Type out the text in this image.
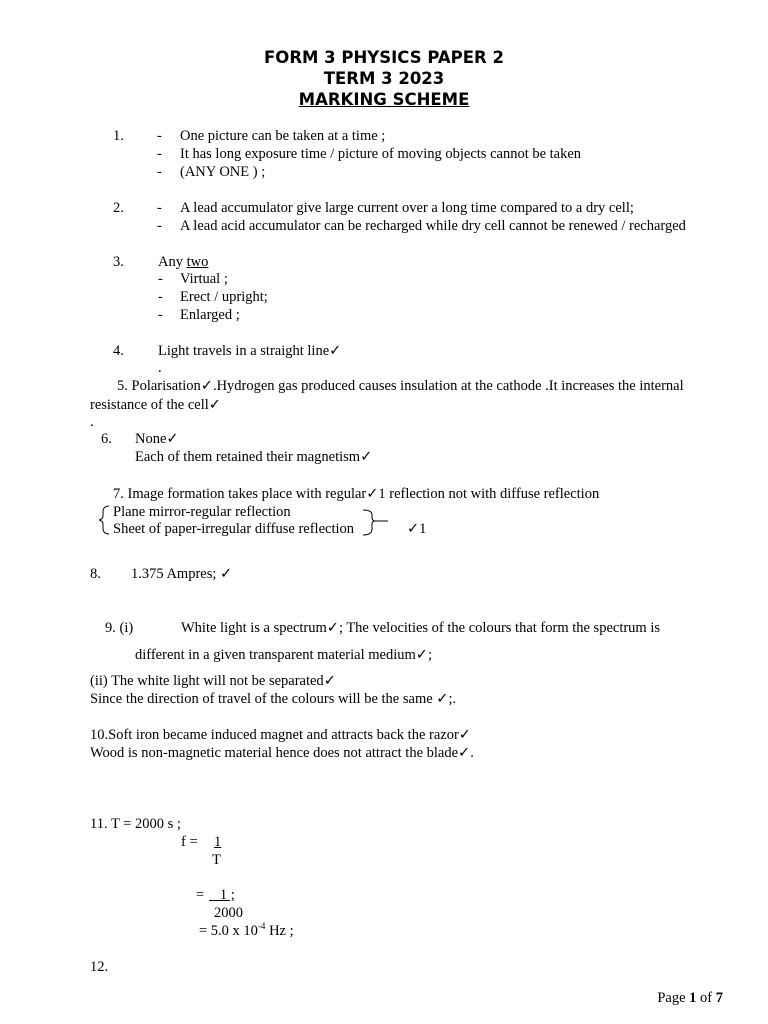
FORM 3 PHYSICS PAPER 2
TERM 3 2023
MARKING SCHEME
1. - One picture can be taken at a time ;
- It has long exposure time / picture of moving objects cannot be taken
- (ANY ONE ) ;
2. - A lead accumulator give large current over a long time compared to a dry cell;
- A lead acid accumulator can be recharged while dry cell cannot be renewed / recharged
3. Any two
- Virtual ;
- Erect / upright;
- Enlarged ;
4. Light travels in a straight line✓
.
5. Polarisation✓.Hydrogen gas produced causes insulation at the cathode .It increases the internal
resistance of the cell✓
.
6. None✓
Each of them retained their magnetism✓
7. Image formation takes place with regular✓1 reflection not with diffuse reflection
Plane mirror-regular reflection
Sheet of paper-irregular diffuse reflection	✓1
8. 1.375 Ampres; ✓
9. (i)	White light is a spectrum✓; The velocities of the colours that form the spectrum is
different in a given transparent material medium✓;
(ii) The white light will not be separated✓
Since the direction of travel of the colours will be the same ✓;.
10.Soft iron became induced magnet and attracts back the razor✓
Wood is non-magnetic material hence does not attract the blade✓.
11. T = 2000 s ;
f = 1
T
= 1 ;
2000
= 5.0 x $10^{-4}$ Hz ;
12.
Page 1 of 7
